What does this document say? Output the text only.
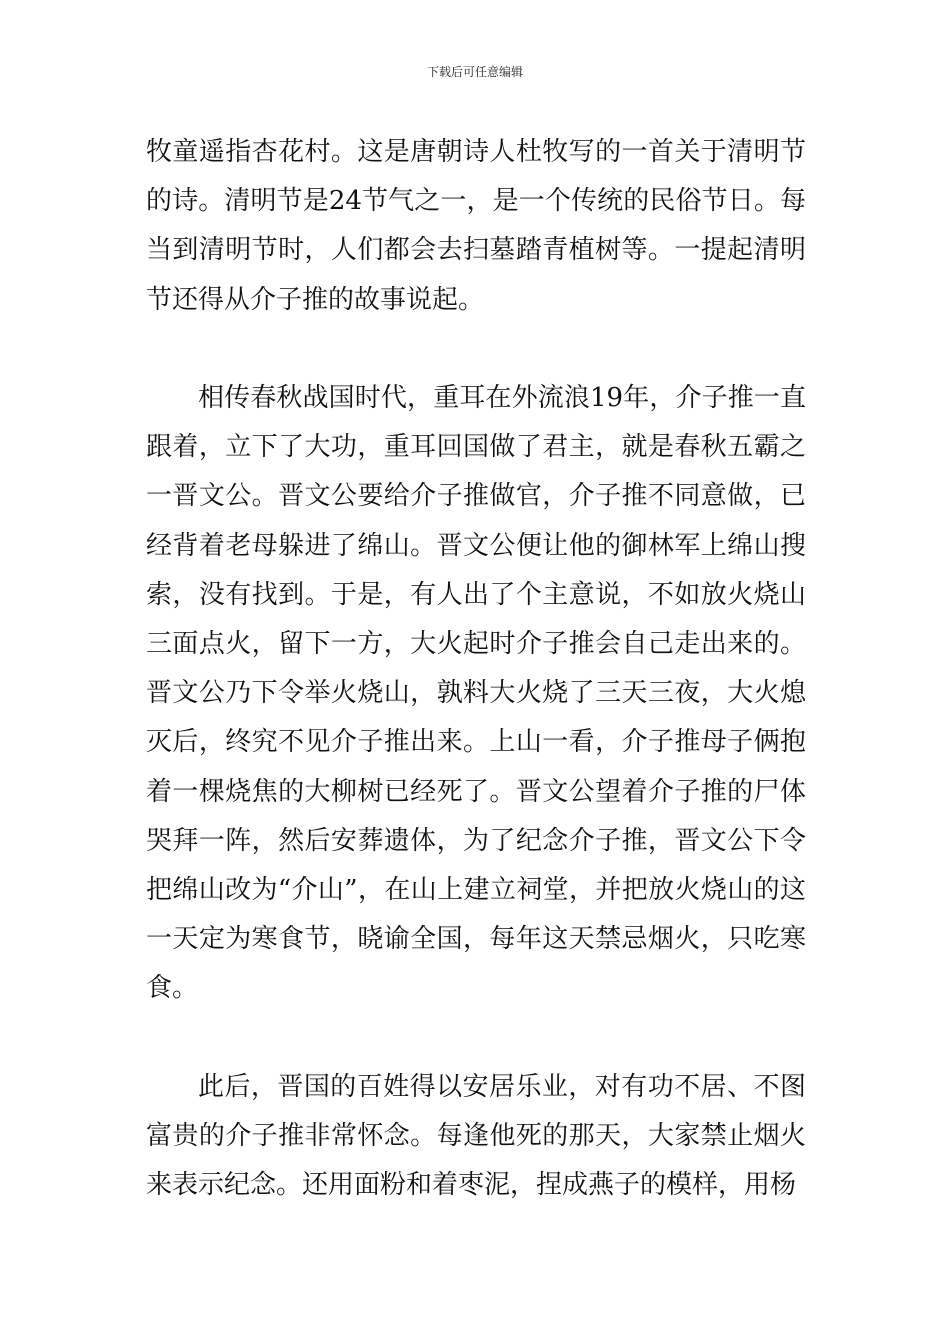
下载后可任意编辑

牧童遥指杏花村。这是唐朝诗人杜牧写的一首关于清明节的诗。清明节是24节气之一，是一个传统的民俗节日。每当到清明节时，人们都会去扫墓踏青植树等。一提起清明节还得从介子推的故事说起。

相传春秋战国时代，重耳在外流浪19年，介子推一直跟着，立下了大功，重耳回国做了君主，就是春秋五霸之一晋文公。晋文公要给介子推做官，介子推不同意做，已经背着老母躲进了绵山。晋文公便让他的御林军上绵山搜索，没有找到。于是，有人出了个主意说，不如放火烧山三面点火，留下一方，大火起时介子推会自己走出来的。晋文公乃下令举火烧山，孰料大火烧了三天三夜，大火熄灭后，终究不见介子推出来。上山一看，介子推母子俩抱着一棵烧焦的大柳树已经死了。晋文公望着介子推的尸体哭拜一阵，然后安葬遗体，为了纪念介子推，晋文公下令把绵山改为“介山”，在山上建立祠堂，并把放火烧山的这一天定为寒食节，晓谕全国，每年这天禁忌烟火，只吃寒食。

此后，晋国的百姓得以安居乐业，对有功不居、不图富贵的介子推非常怀念。每逢他死的那天，大家禁止烟火来表示纪念。还用面粉和着枣泥，捏成燕子的模样，用杨
